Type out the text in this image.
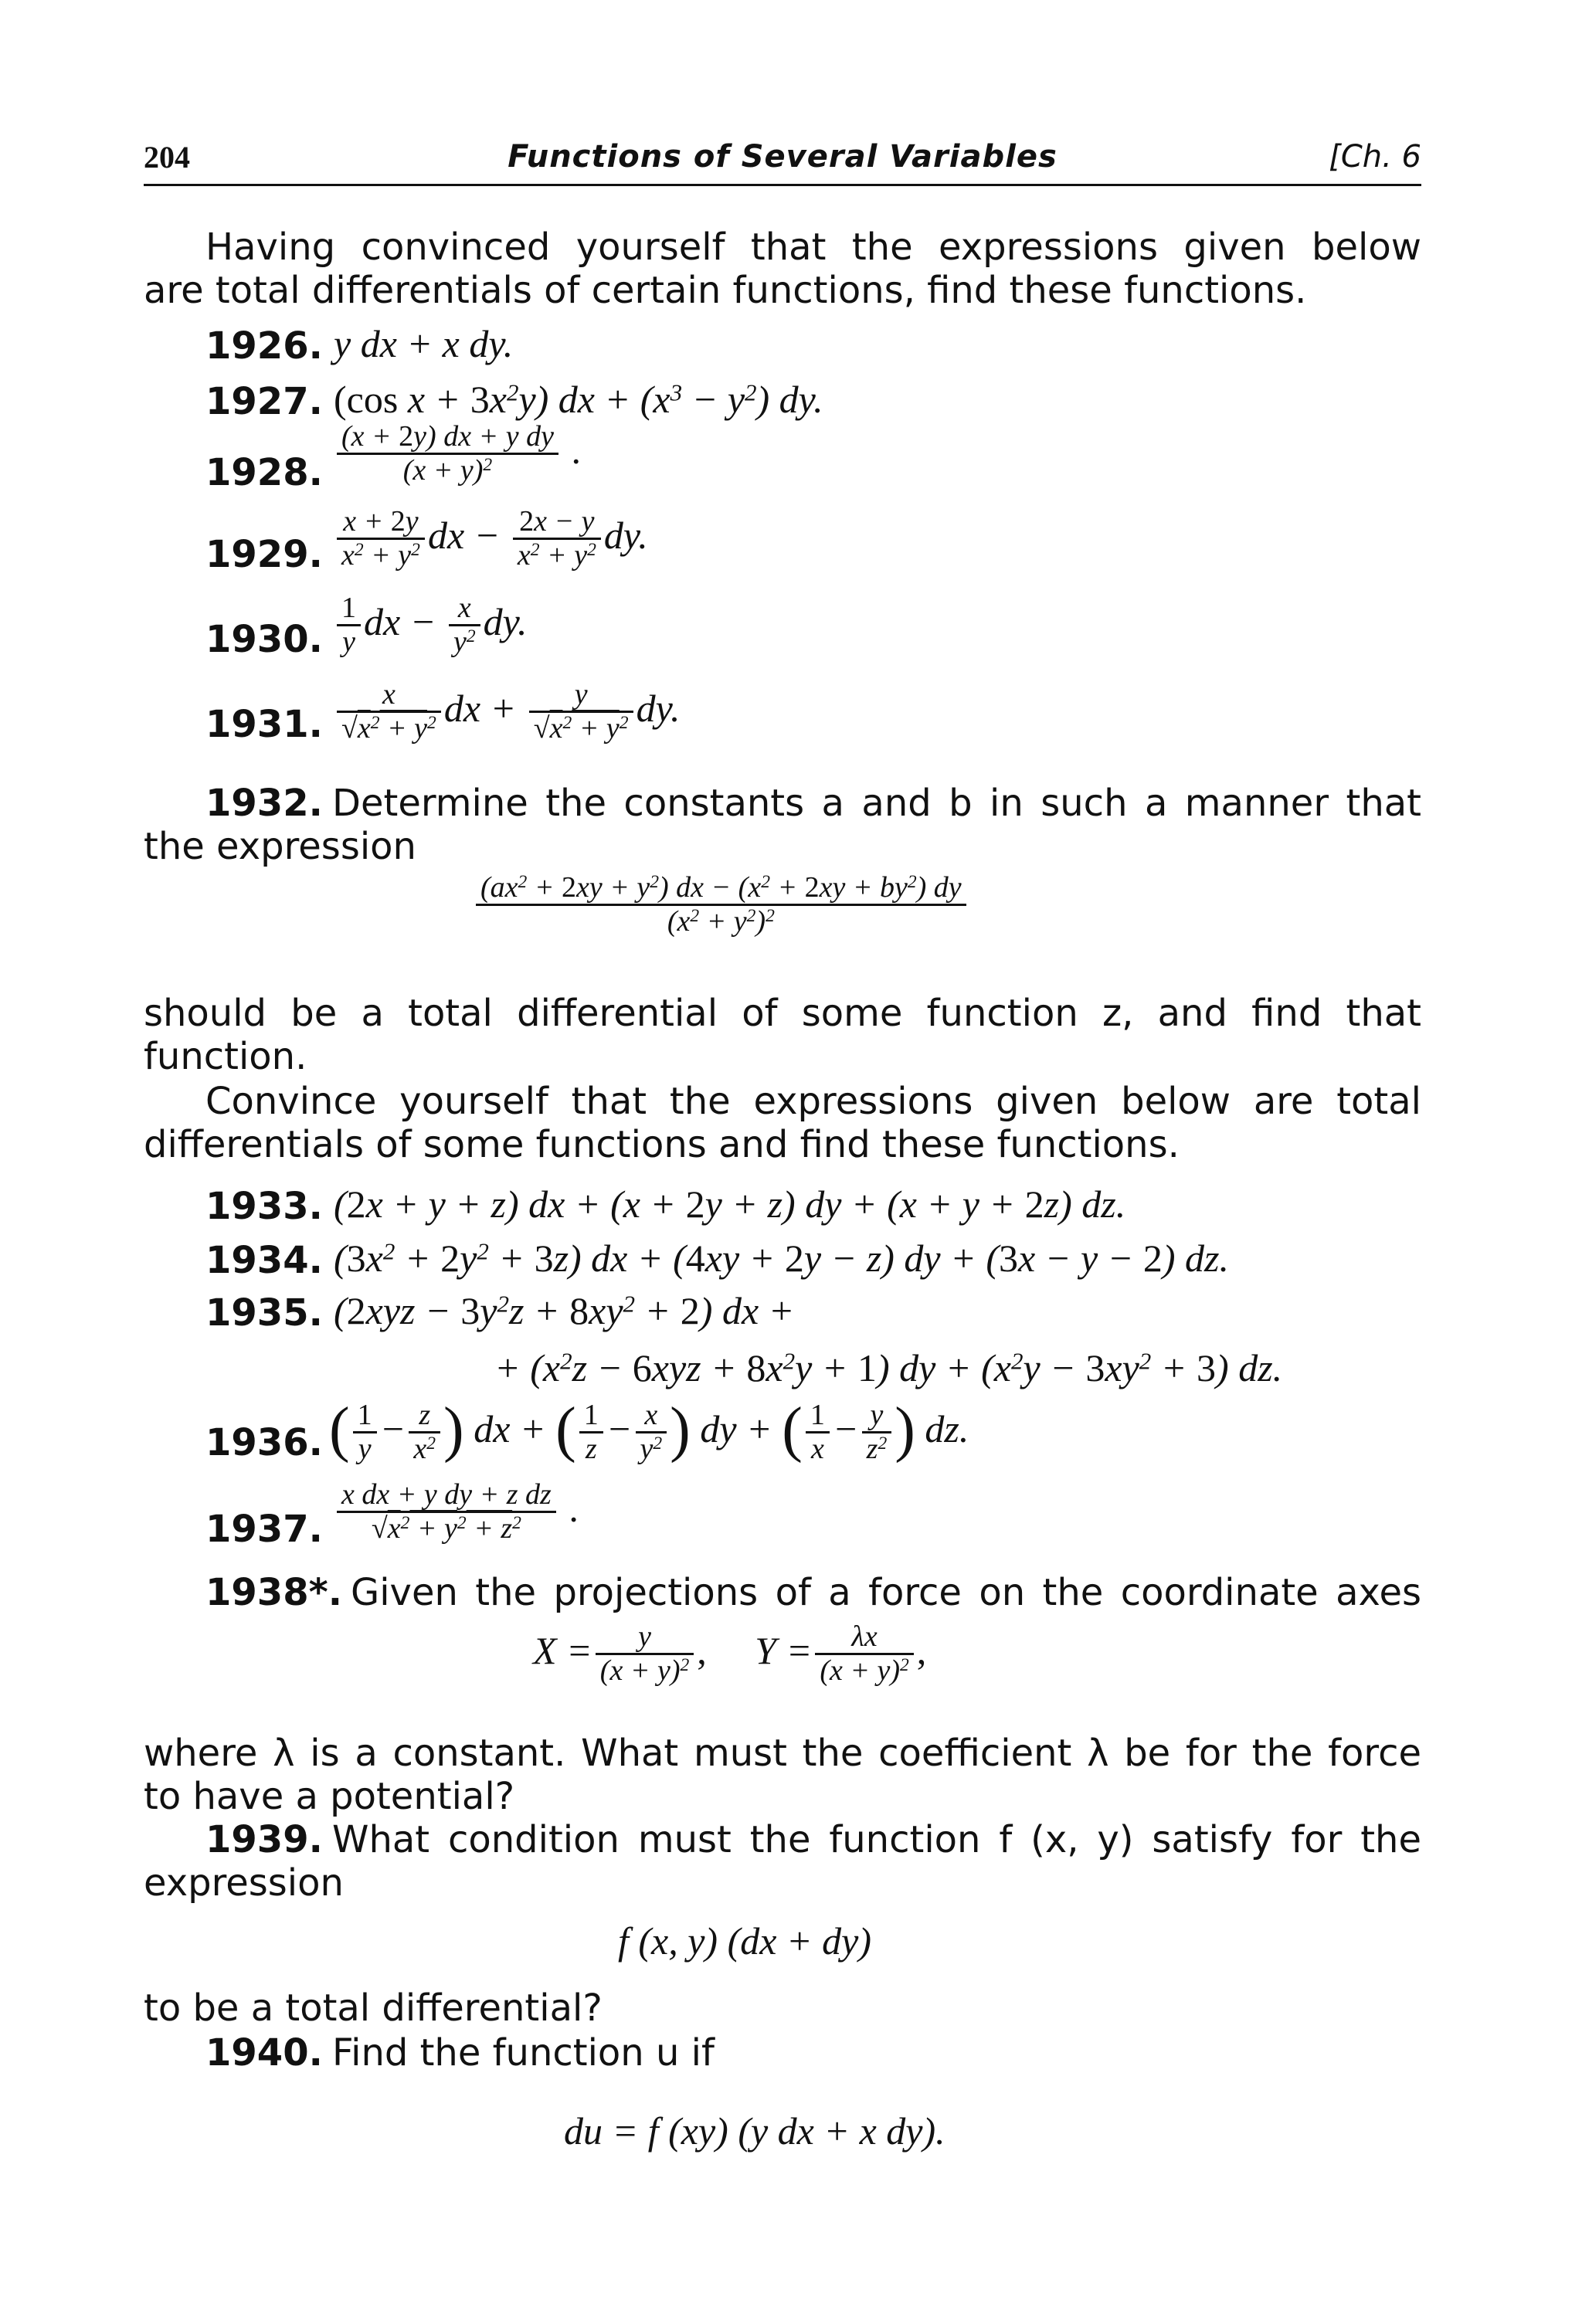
204	Functions of Several Variables	[Ch. 6
Having convinced yourself that the expressions given below
are total differentials of certain functions, find these functions.
1926. y dx + x dy.
1927. (cos $x + 3x^2y$) dx + $(x^3 - y^2)$ dy.
1928. $\frac{\text{(x + 2y) dx + y dy}}{(x + y)^2}$ .
1929. $\frac{x + 2y}{x^2 + y^2}$ dx − $\frac{2x - y}{x^2 + y^2}$ dy.
1930. $\frac{1}{y}$ dx − $\frac{x}{y^2}$ dy.
1931. $\frac{x}{√x^2 + y^2}$ dx + $\frac{y}{√x^2 + y^2}$ dy.
1932. Determine the constants a and b in such a manner that
the expression
$\frac{(ax^2 + 2xy + y^2) dx - (x^2 + 2xy + by^2) dy}{(x^2 + y^2)^2}$
should be a total differential of some function z, and find that
function.
Convince yourself that the expressions given below are total
differentials of some functions and find these functions.
1933. (2x + y + z) dx + (x + 2y + z) dy + (x + y + 2z) dz.
1934. $(3x^2 + 2y^2 + 3z)$ dx + (4xy + 2y − z) dy + (3x − y − 2) dz.
1935. $(2xyz - 3y^2z + 8xy^2 + 2)$ dx +
+ $(x^2z - 6xyz + 8x^2y + 1)$ dy + $(x^2y - 3xy^2 + 3)$ dz.
1936. ( $\frac{1}{y} - \frac{z}{x^2}$ ) dx + ( $\frac{1}{z} - \frac{x}{y^2}$ ) dy + ( $\frac{1}{x} - \frac{y}{z^2}$ ) dz.
1937. $\frac{\text{x dx + y dy + z dz}}{√x^2 + y^2 + z^2}$ .
1938*. Given the projections of a force on the coordinate axes
$X = \frac{y}{(x + y)^2}$ ,     $Y = \frac{\lambda x}{(x + y)^2}$ ,
where λ is a constant. What must the coefficient λ be for the force
to have a potential?
1939. What condition must the function f (x, y) satisfy for the
expression
f (x, y) (dx + dy)
to be a total differential?
1940. Find the function u if
du = f (xy) (y dx + x dy).
